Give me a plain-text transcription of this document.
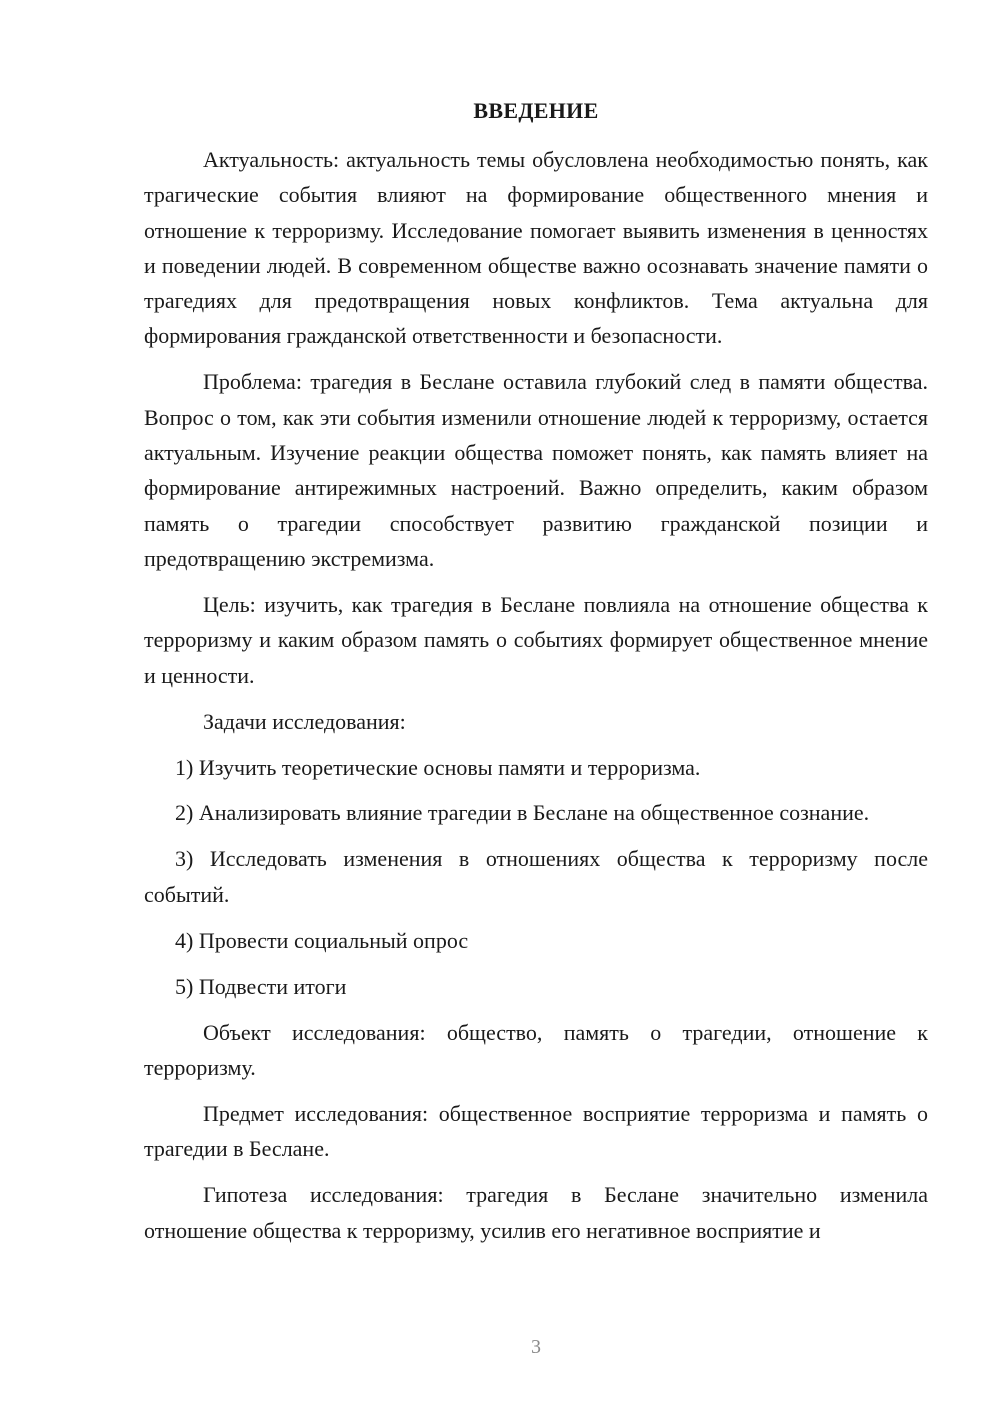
ВВЕДЕНИЕ

Актуальность: актуальность темы обусловлена необходимостью понять, как трагические события влияют на формирование общественного мнения и отношение к терроризму. Исследование помогает выявить изменения в ценностях и поведении людей. В современном обществе важно осознавать значение памяти о трагедиях для предотвращения новых конфликтов. Тема актуальна для формирования гражданской ответственности и безопасности.

Проблема: трагедия в Беслане оставила глубокий след в памяти общества. Вопрос о том, как эти события изменили отношение людей к терроризму, остается актуальным. Изучение реакции общества поможет понять, как память влияет на формирование антирежимных настроений. Важно определить, каким образом память о трагедии способствует развитию гражданской позиции и предотвращению экстремизма.

Цель: изучить, как трагедия в Беслане повлияла на отношение общества к терроризму и каким образом память о событиях формирует общественное мнение и ценности.

Задачи исследования:

1) Изучить теоретические основы памяти и терроризма.

2) Анализировать влияние трагедии в Беслане на общественное сознание.

3) Исследовать изменения в отношениях общества к терроризму после событий.

4) Провести социальный опрос

5) Подвести итоги

Объект исследования: общество, память о трагедии, отношение к терроризму.

Предмет исследования: общественное восприятие терроризма и память о трагедии в Беслане.

Гипотеза исследования: трагедия в Беслане значительно изменила отношение общества к терроризму, усилив его негативное восприятие и

3
